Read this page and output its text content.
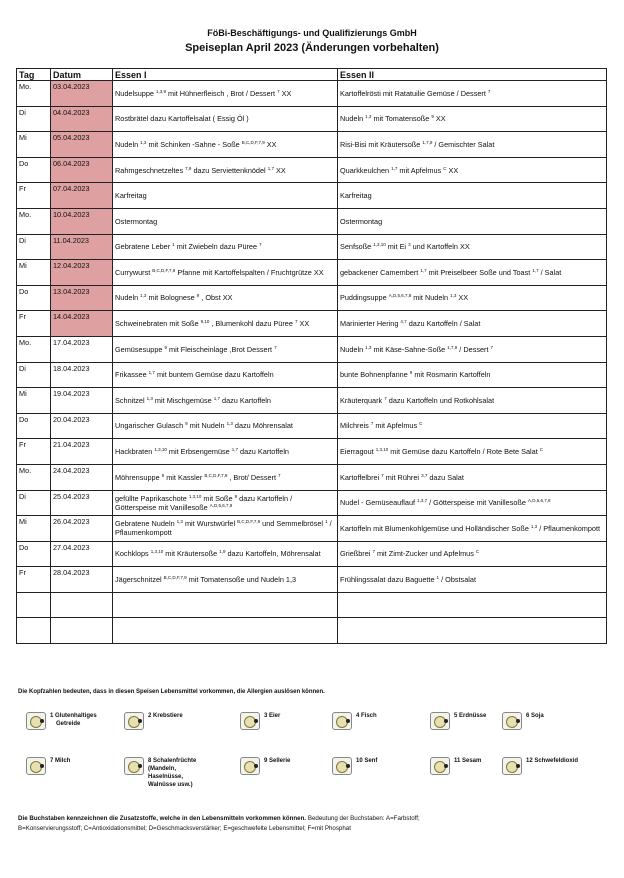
FöBi-Beschäftigungs- und Qualifizierungs GmbH
Speiseplan April 2023 (Änderungen vorbehalten)
Tag	Datum	Essen I	Essen II
Mo.	03.04.2023	Nudelsuppe $^{1,3,9}$ mit Hühnerfleisch , Brot / Dessert $^7$ XX	Kartoffelrösti mit Ratatuilie Gemüse / Dessert $^7$
Di	04.04.2023	Rostbrätel dazu Kartoffelsalat ( Essig Öl )	Nudeln $^{1,3}$ mit Tomatensoße $^9$ XX
Mi	05.04.2023	Nudeln $^{1,3}$ mit Schinken -Sahne - Soße $^{B,C,D,F,7,9}$ XX	Risi-Bisi mit Kräutersoße $^{1,7,9}$ / Gemischter Salat
Do	06.04.2023	Rahmgeschnetzeltes $^{7,9}$ dazu Serviettenknödel $^{1,7}$ XX	Quarkkeulchen $^{1,7}$ mit Apfelmus $^C$ XX
Fr	07.04.2023	Karfreitag	Karfreitag
Mo.	10.04.2023	Ostermontag	Ostermontag
Di	11.04.2023	Gebratene Leber $^1$ mit Zwiebeln dazu Püree $^7$	Senfsoße $^{1,3,10}$ mit Ei $^3$ und Kartoffeln XX
Mi	12.04.2023	Currywurst $^{B,C,D,F,7,9}$ Pfanne mit Kartoffelspalten / Fruchtgrütze XX	gebackener Camembert $^{1,7}$ mit Preiselbeer Soße und Toast $^{1,7}$ / Salat
Do	13.04.2023	Nudeln $^{1,3}$ mit Bolognese $^9$ , Obst XX	Puddingsuppe $^{A,D,5,6,7,8}$ mit Nudeln $^{1,3}$ XX
Fr	14.04.2023	Schweinebraten mit Soße $^{9,10}$ , Blumenkohl dazu Püree $^7$ XX	Marinierter Hering $^{4,7}$ dazu Kartoffeln / Salat
Mo.	17.04.2023	Gemüsesuppe $^9$ mit Fleischeinlage ,Brot Dessert $^7$	Nudeln $^{1,3}$ mit Käse-Sahne-Soße $^{1,7,9}$ / Dessert $^7$
Di	18.04.2023	Frikassee $^{1,7}$ mit buntem Gemüse dazu Kartoffeln	bunte Bohnenpfanne $^9$ mit Rosmarin Kartoffeln
Mi	19.04.2023	Schnitzel $^{1,3}$ mit Mischgemüse $^{1,7}$ dazu Kartoffeln	Kräuterquark $^7$ dazu Kartoffeln und Rotkohlsalat
Do	20.04.2023	Ungarischer Gulasch $^9$ mit Nudeln $^{1,3}$ dazu Möhrensalat	Milchreis $^7$ mit Apfelmus $^C$
Fr	21.04.2023	Hackbraten $^{1,3,10}$ mit Erbsengemüse $^{1,7}$ dazu Kartoffeln	Eierragout $^{1,3,10}$ mit Gemüse dazu Kartoffeln / Rote Bete Salat $^C$
Mo.	24.04.2023	Möhrensuppe $^9$ mit Kassler $^{B,C,D,F,7,9}$ , Brot/ Dessert $^7$	Kartoffelbrei $^7$ mit Rührei $^{3,7}$ dazu Salat
Di	25.04.2023	gefüllte Paprikaschote $^{1,3,10}$ mit Soße $^9$ dazu Kartoffeln / Götterspeise mit Vanillesoße $^{A,D,5,6,7,8}$	Nudel - Gemüseauflauf $^{1,3,7}$ / Götterspeise mit Vanillesoße $^{A,D,5,6,7,8}$
Mi	26.04.2023	Gebratene Nudeln $^{1,3}$ mit Wurstwürfel $^{B,C,D,F,7,9}$ und Semmelbrösel $^1$ / Pflaumenkompott	Kartoffeln mit Blumenkohlgemüse und Holländischer Soße $^{1,3}$ / Pflaumenkompott
Do	27.04.2023	Kochklops $^{1,3,10}$ mit Kräutersoße $^{1,9}$ dazu Kartoffeln, Möhrensalat	Grießbrei $^7$ mit Zimt-Zucker und Apfelmus $^C$
Fr	28.04.2023	Jägerschnitzel $^{B,C,D,F,7,9}$ mit Tomatensoße und Nudeln 1,3	Frühlingssalat dazu Baguette $^1$ / Obstsalat

Die Kopfzahlen bedeuten, dass in diesen Speisen Lebensmittel vorkommen, die Allergien auslösen können.
1 Glutenhaltiges
Getreide
2 Krebstiere	3 Eier	4 Fisch	5 Erdnüsse	6 Soja
7 Milch	8 Schalenfrüchte
(Mandeln,
Haselnüsse,
Walnüsse usw.)
9 Sellerie	10 Senf	11 Sesam	12 Schwefeldioxid
Die Buchstaben kennzeichnen die Zusatzstoffe, welche in den Lebensmitteln vorkommen können. Bedeutung der Buchstaben: A=Farbstoff;
B=Konservierungsstoff; C=Antioxidationsmittel; D=Geschmacksverstärker; E=geschwefelte Lebensmittel; F=mit Phosphat
